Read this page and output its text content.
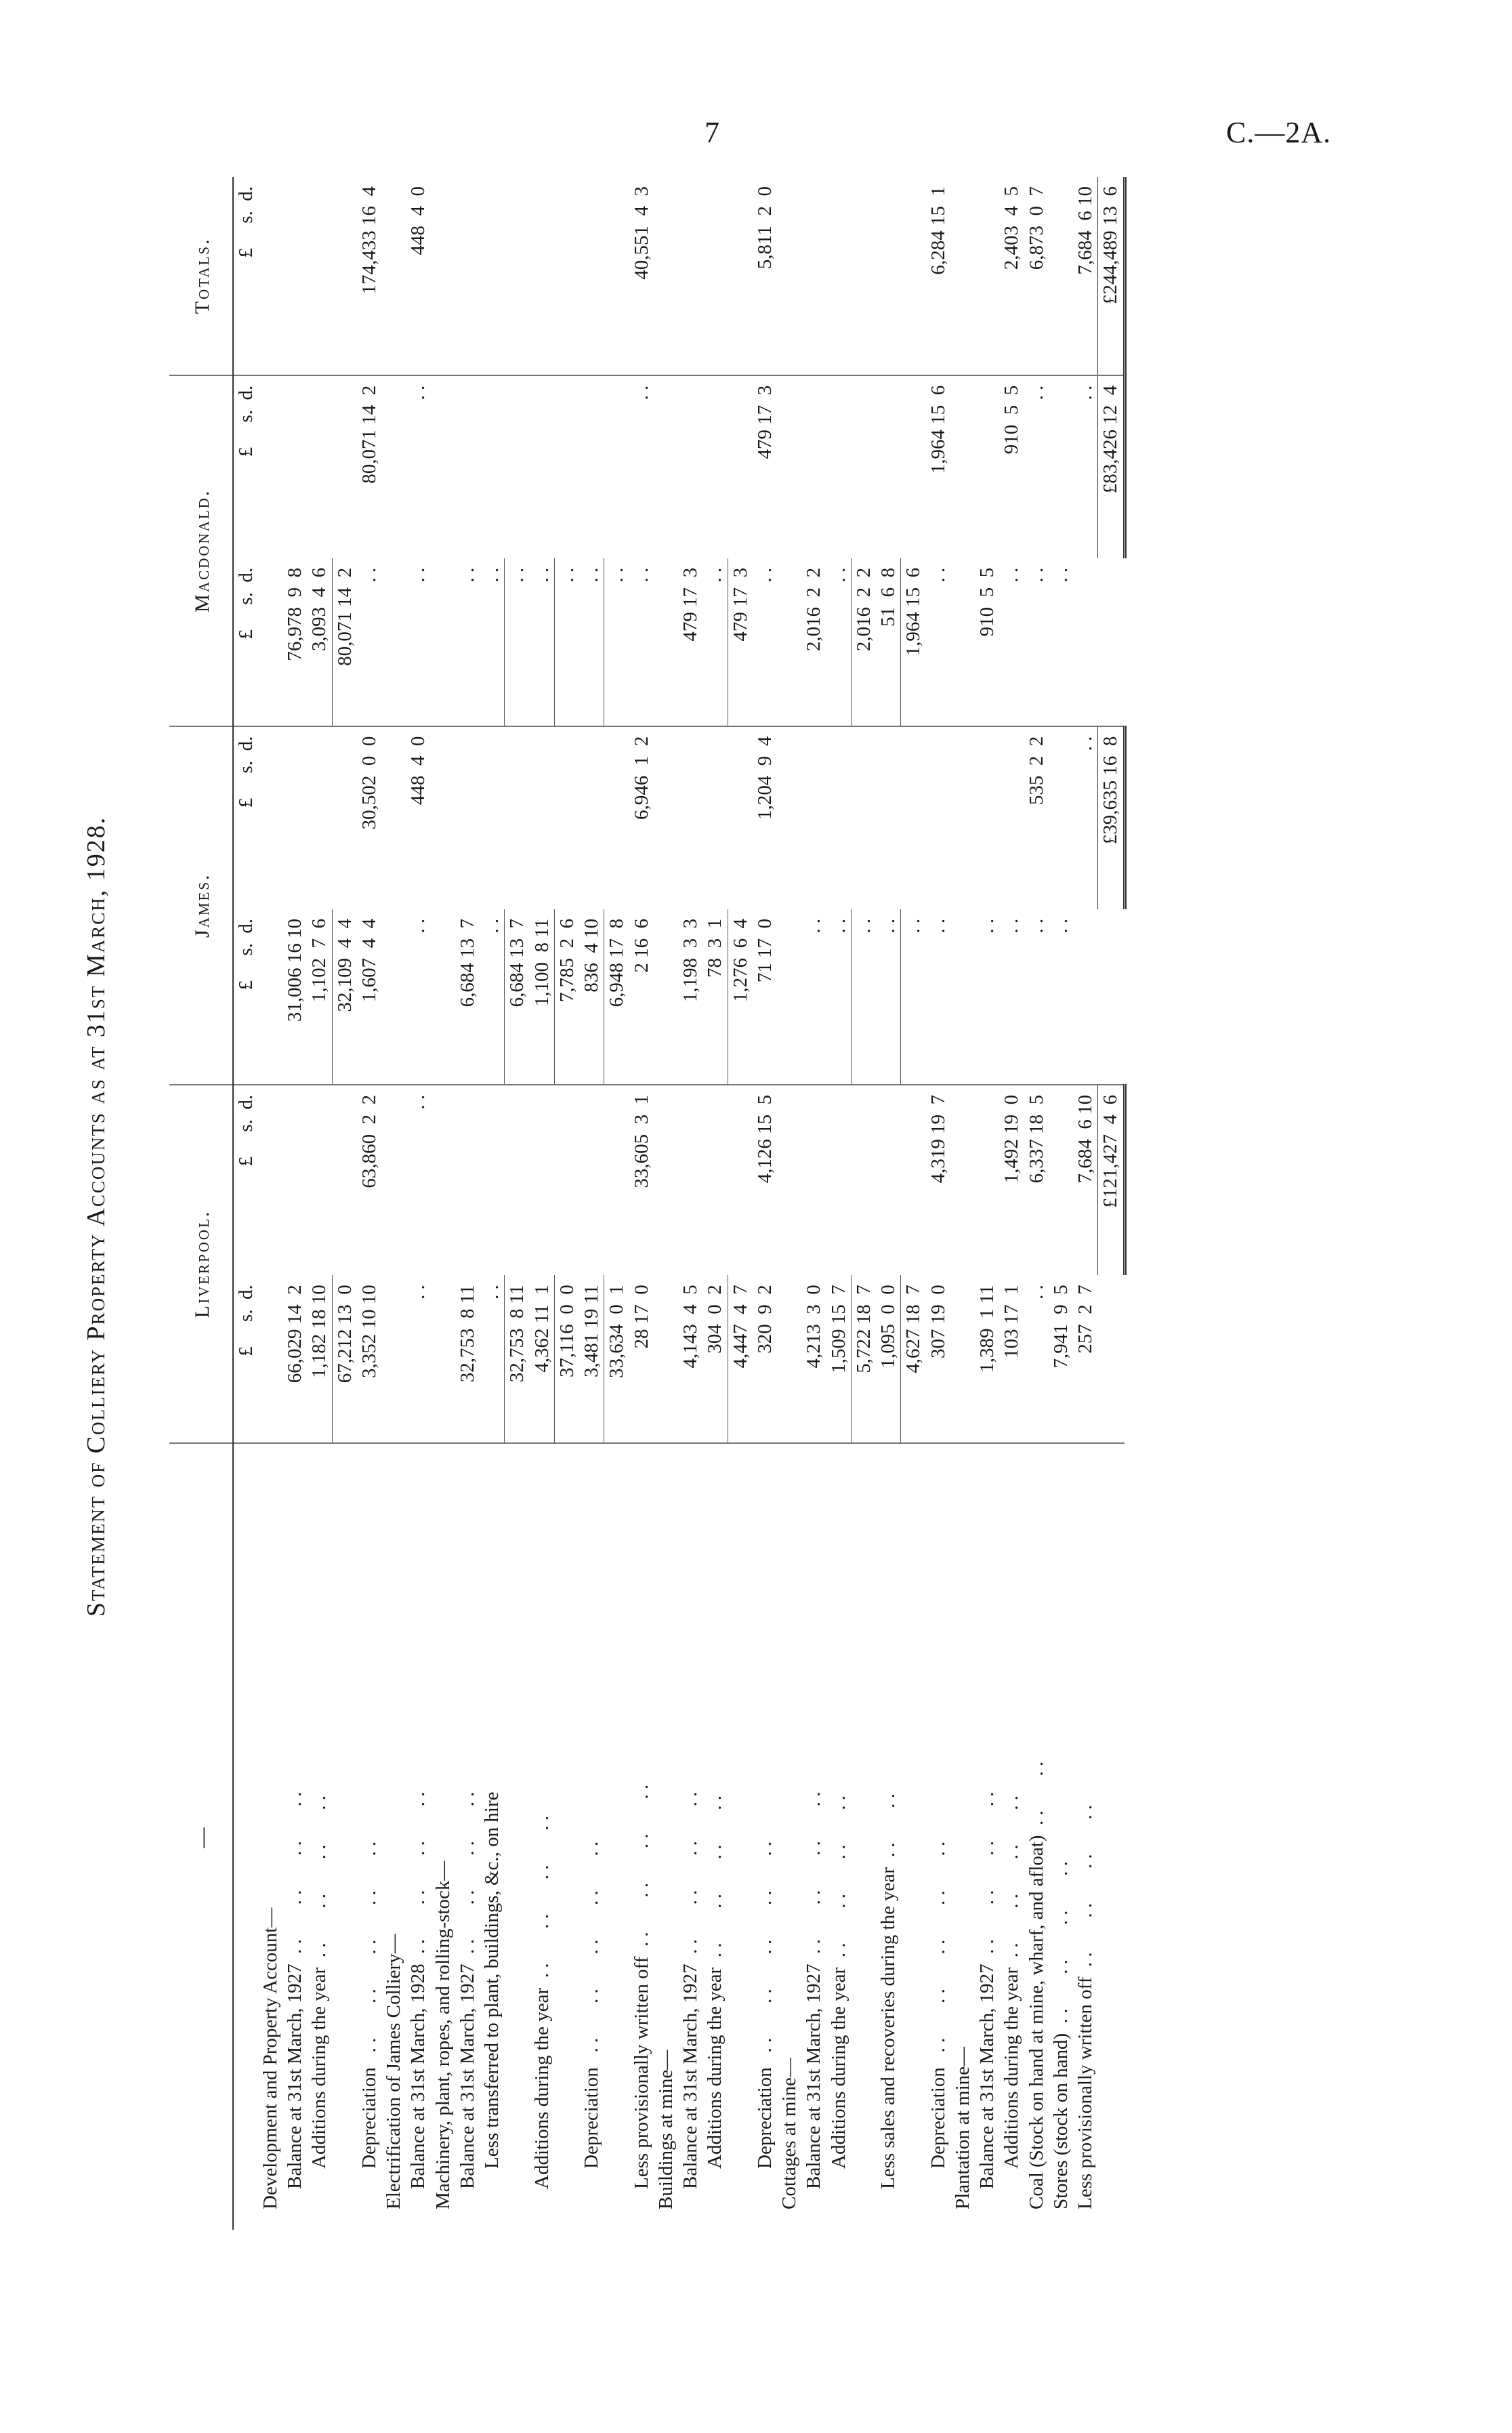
7	C.—2A.
Statement of Colliery Property Accounts as at 31st March, 1928.
—	Liverpool.		James.		Macdonald.		Totals.
	£     s.  d.	£     s.  d.	£     s.  d.	£     s.  d.	£     s.  d.	£     s.  d.	£     s.  d.
Development and Property Account—							
Balance at 31st March, 1927  . .       . .       . .       . .	66,029 14  2		31,006 16 10		76,978  9  8		
Additions during the year  . .       . .       . .       . .	1,182 18 10		1,102  7  6		3,093  4  6		
	67,212 13  0		32,109  4  4		80,071 14  2		
Depreciation   . .       . .       . .       . .       . .	3,352 10 10	63,860  2  2	1,607  4  4	30,502  0  0	. .	80,071 14  2	174,433 16  4
Electrification of James Colliery—							
Balance at 31st March, 1928  . .       . .       . .       . .	. .	. .	. .	448  4  0	. .	. .	448  4  0
Machinery, plant, ropes, and rolling-stock—							
Balance at 31st March, 1927  . .       . .       . .       . .	32,753  8 11		6,684 13  7		. .		
Less transferred to plant, buildings, &c., on hire	. .		. .		. .		
	32,753  8 11		6,684 13  7		. .		
Additions during the year  . .       . .       . .       . .	4,362 11  1		1,100  8 11		. .		
	37,116  0  0		7,785  2  6		. .		
Depreciation   . .       . .       . .       . .       . .	3,481 19 11		836  4 10		. .		
	33,634  0  1		6,948 17  8		. .		
Less provisionally written off  . .       . .       . .       . .	28 17  0	33,605  3  1	2 16  6	6,946  1  2	. .	. .	40,551  4  3
Buildings at mine—							
Balance at 31st March, 1927  . .       . .       . .       . .	4,143  4  5		1,198  3  3		479 17  3		
Additions during the year  . .       . .       . .       . .	304  0  2		78  3  1		. .		
	4,447  4  7		1,276  6  4		479 17  3		
Depreciation   . .       . .       . .       . .       . .	320  9  2	4,126 15  5	71 17  0	1,204  9  4	. .	479 17  3	5,811  2  0
Cottages at mine—							
Balance at 31st March, 1927  . .       . .       . .       . .	4,213  3  0		. .		2,016  2  2		
Additions during the year  . .       . .       . .       . .	1,509 15  7		. .		. .		
	5,722 18  7		. .		2,016  2  2		
Less sales and recoveries during the year  . .       . .	1,095  0  0		. .		51  6  8		
	4,627 18  7		. .		1,964 15  6		
Depreciation   . .       . .       . .       . .       . .	307 19  0	4,319 19  7	. .		. .	1,964 15  6	6,284 15  1
Plantation at mine—							
Balance at 31st March, 1927  . .       . .       . .       . .	1,389  1 11		. .		910  5  5		
Additions during the year  . .       . .       . .       . .	103 17  1	1,492 19  0	. .		. .	910  5  5	2,403  4  5
Coal (Stock on hand at mine, wharf, and afloat)  . .       . .	. .	6,337 18  5	. .	535  2  2	. .	. .	6,873  0  7
Stores (stock on hand)  . .       . .       . .       . .	7,941  9  5		. .		. .		
Less provisionally written off  . .       . .       . .       . .	257  2  7	7,684  6 10		. .		. .	7,684  6 10
		£121,427  4  6		£39,635 16  8		£83,426 12  4	£244,489 13  6
